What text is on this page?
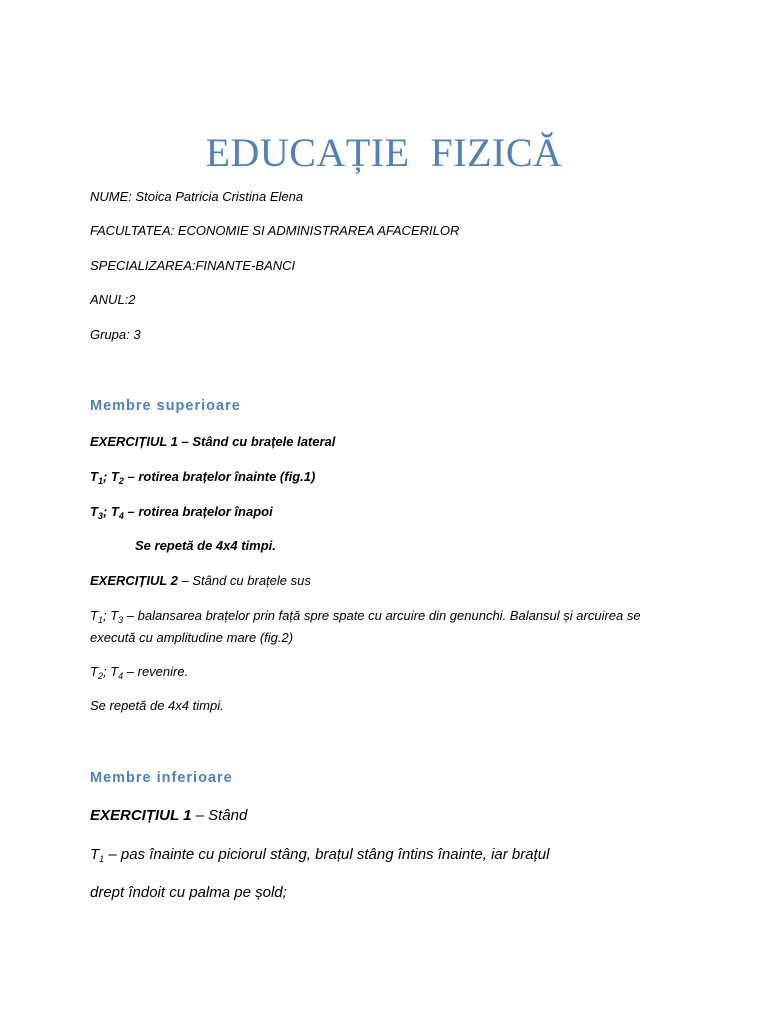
EDUCAȚIE  FIZICĂ
NUME: Stoica Patricia Cristina Elena
FACULTATEA: ECONOMIE SI ADMINISTRAREA AFACERILOR
SPECIALIZAREA:FINANTE-BANCI
ANUL:2
Grupa: 3
Membre superioare
EXERCIȚIUL 1 – Stând cu brațele lateral
$T_1$; $T_2$ – rotirea brațelor înainte (fig.1)
$T_3$; $T_4$ – rotirea brațelor înapoi
Se repetă de 4x4 timpi.
EXERCIȚIUL 2 – Stând cu brațele sus
$T_1$; $T_3$ – balansarea brațelor prin față spre spate cu arcuire din genunchi. Balansul și arcuirea se
execută cu amplitudine mare (fig.2)
$T_2$; $T_4$ – revenire.
Se repetă de 4x4 timpi.
Membre inferioare
EXERCIȚIUL 1 – Stând
$T_1$ – pas înainte cu piciorul stâng, brațul stâng întins înainte, iar brațul
drept îndoit cu palma pe șold;
